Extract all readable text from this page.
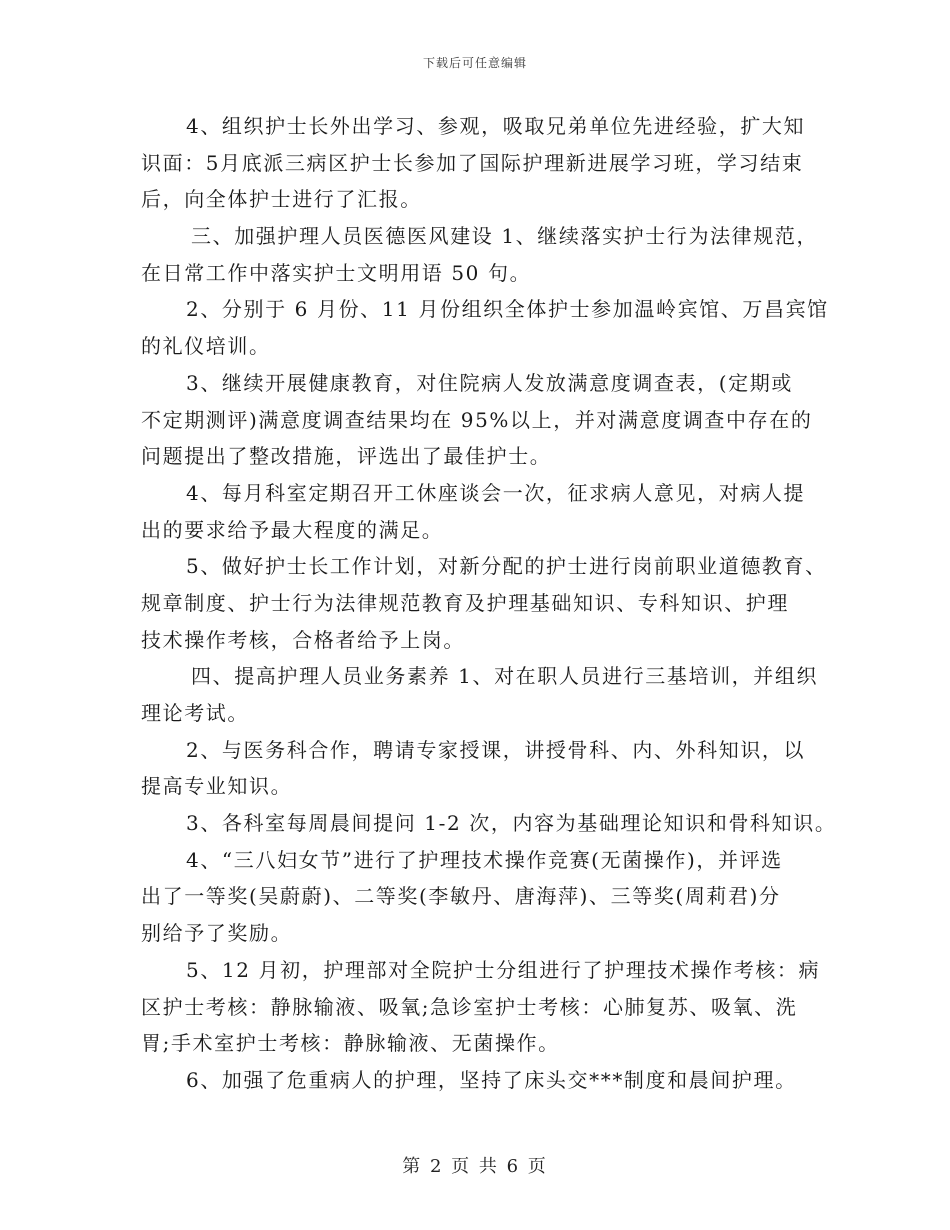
下载后可任意编辑
4、组织护士长外出学习、参观，吸取兄弟单位先进经验，扩大知
识面：5月底派三病区护士长参加了国际护理新进展学习班，学习结束
后，向全体护士进行了汇报。
三、加强护理人员医德医风建设 1、继续落实护士行为法律规范，
在日常工作中落实护士文明用语 50 句。
2、分别于 6 月份、11 月份组织全体护士参加温岭宾馆、万昌宾馆
的礼仪培训。
3、继续开展健康教育，对住院病人发放满意度调查表，(定期或
不定期测评)满意度调查结果均在 95%以上，并对满意度调查中存在的
问题提出了整改措施，评选出了最佳护士。
4、每月科室定期召开工休座谈会一次，征求病人意见，对病人提
出的要求给予最大程度的满足。
5、做好护士长工作计划，对新分配的护士进行岗前职业道德教育、
规章制度、护士行为法律规范教育及护理基础知识、专科知识、护理
技术操作考核，合格者给予上岗。
四、提高护理人员业务素养 1、对在职人员进行三基培训，并组织
理论考试。
2、与医务科合作，聘请专家授课，讲授骨科、内、外科知识，以
提高专业知识。
3、各科室每周晨间提问 1-2 次，内容为基础理论知识和骨科知识。
4、“三八妇女节”进行了护理技术操作竞赛(无菌操作)，并评选
出了一等奖(吴蔚蔚)、二等奖(李敏丹、唐海萍)、三等奖(周莉君)分
别给予了奖励。
5、12 月初，护理部对全院护士分组进行了护理技术操作考核：病
区护士考核：静脉输液、吸氧;急诊室护士考核：心肺复苏、吸氧、洗
胃;手术室护士考核：静脉输液、无菌操作。
6、加强了危重病人的护理，坚持了床头交***制度和晨间护理。
第 2 页 共 6 页
